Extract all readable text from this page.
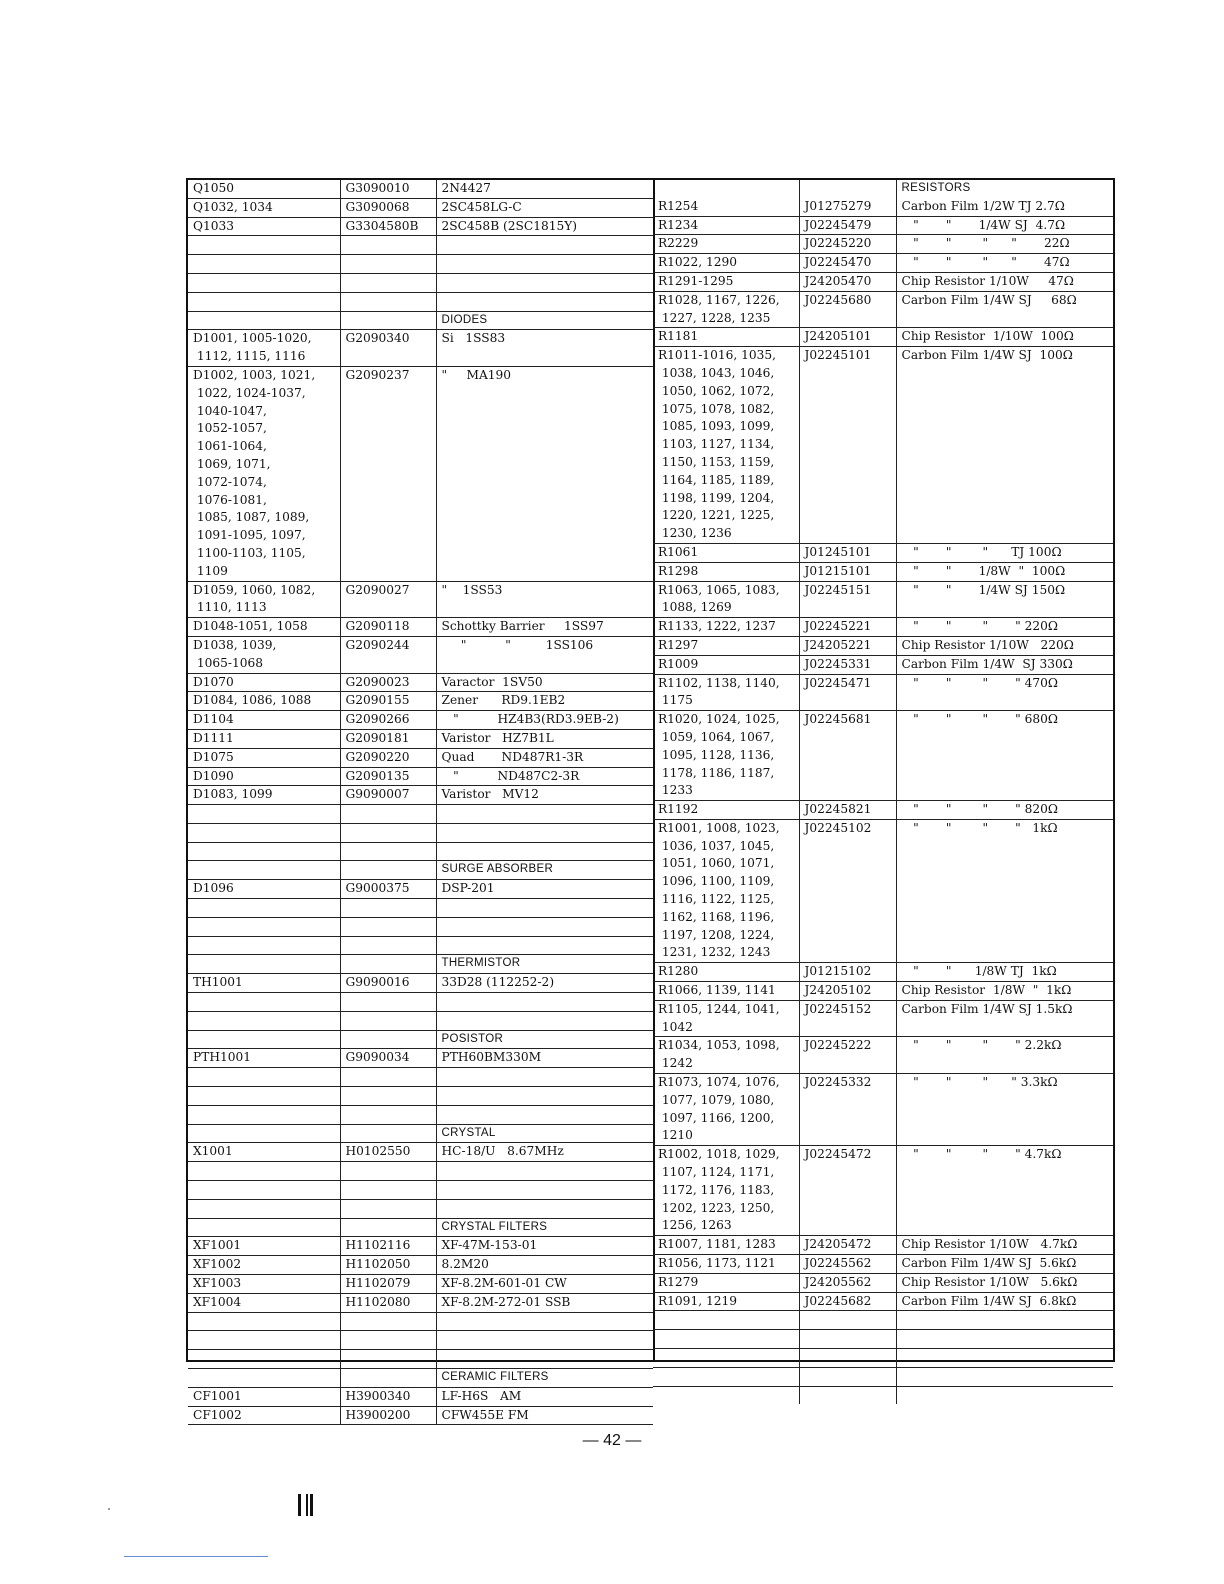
Q1050	G3090010	2N4427
Q1032, 1034	G3090068	2SC458LG-C
Q1033	G3304580B	2SC458B (2SC1815Y)

		DIODES
D1001, 1005-1020,	G2090340	Si   1SS83
1112, 1115, 1116		
D1002, 1003, 1021,	G2090237	"     MA190
1022, 1024-1037,		
1040-1047,		
1052-1057,		
1061-1064,		
1069, 1071,		
1072-1074,		
1076-1081,		
1085, 1087, 1089,		
1091-1095, 1097,		
1100-1103, 1105,		
1109		
D1059, 1060, 1082,	G2090027	"    1SS53
1110, 1113		
D1048-1051, 1058	G2090118	Schottky Barrier     1SS97
D1038, 1039,	G2090244	"          "         1SS106
1065-1068		
D1070	G2090023	Varactor  1SV50
D1084, 1086, 1088	G2090155	Zener      RD9.1EB2
D1104	G2090266	"          HZ4B3(RD3.9EB-2)
D1111	G2090181	Varistor   HZ7B1L
D1075	G2090220	Quad       ND487R1-3R
D1090	G2090135	"          ND487C2-3R
D1083, 1099	G9090007	Varistor   MV12

		SURGE ABSORBER
D1096	G9000375	DSP-201

		THERMISTOR
TH1001	G9090016	33D28 (112252-2)

		POSISTOR
PTH1001	G9090034	PTH60BM330M

		CRYSTAL
X1001	H0102550	HC-18/U   8.67MHz

		CRYSTAL FILTERS
XF1001	H1102116	XF-47M-153-01
XF1002	H1102050	8.2M20
XF1003	H1102079	XF-8.2M-601-01 CW
XF1004	H1102080	XF-8.2M-272-01 SSB

		CERAMIC FILTERS
CF1001	H3900340	LF-H6S   AM
CF1002	H3900200	CFW455E FM
		RESISTORS
R1254	J01275279	Carbon Film 1/2W TJ 2.7Ω
R1234	J02245479	"       "       1/4W SJ  4.7Ω
R2229	J02245220	"       "        "      "       22Ω
R1022, 1290	J02245470	"       "        "      "       47Ω
R1291-1295	J24205470	Chip Resistor 1/10W     47Ω
R1028, 1167, 1226,	J02245680	Carbon Film 1/4W SJ     68Ω
1227, 1228, 1235		
R1181	J24205101	Chip Resistor  1/10W  100Ω
R1011-1016, 1035,	J02245101	Carbon Film 1/4W SJ  100Ω
1038, 1043, 1046,		
1050, 1062, 1072,		
1075, 1078, 1082,		
1085, 1093, 1099,		
1103, 1127, 1134,		
1150, 1153, 1159,		
1164, 1185, 1189,		
1198, 1199, 1204,		
1220, 1221, 1225,		
1230, 1236		
R1061	J01245101	"       "        "      TJ 100Ω
R1298	J01215101	"       "       1/8W  "  100Ω
R1063, 1065, 1083,	J02245151	"       "       1/4W SJ 150Ω
1088, 1269		
R1133, 1222, 1237	J02245221	"       "        "       " 220Ω
R1297	J24205221	Chip Resistor 1/10W   220Ω
R1009	J02245331	Carbon Film 1/4W  SJ 330Ω
R1102, 1138, 1140,	J02245471	"       "        "       " 470Ω
1175		
R1020, 1024, 1025,	J02245681	"       "        "       " 680Ω
1059, 1064, 1067,		
1095, 1128, 1136,		
1178, 1186, 1187,		
1233		
R1192	J02245821	"       "        "       " 820Ω
R1001, 1008, 1023,	J02245102	"       "        "       "   1kΩ
1036, 1037, 1045,		
1051, 1060, 1071,		
1096, 1100, 1109,		
1116, 1122, 1125,		
1162, 1168, 1196,		
1197, 1208, 1224,		
1231, 1232, 1243		
R1280	J01215102	"       "      1/8W TJ  1kΩ
R1066, 1139, 1141	J24205102	Chip Resistor  1/8W  "  1kΩ
R1105, 1244, 1041,	J02245152	Carbon Film 1/4W SJ 1.5kΩ
1042		
R1034, 1053, 1098,	J02245222	"       "        "       " 2.2kΩ
1242		
R1073, 1074, 1076,	J02245332	"       "        "      " 3.3kΩ
1077, 1079, 1080,		
1097, 1166, 1200,		
1210		
R1002, 1018, 1029,	J02245472	"       "        "       " 4.7kΩ
1107, 1124, 1171,		
1172, 1176, 1183,		
1202, 1223, 1250,		
1256, 1263		
R1007, 1181, 1283	J24205472	Chip Resistor 1/10W   4.7kΩ
R1056, 1173, 1121	J02245562	Carbon Film 1/4W SJ  5.6kΩ
R1279	J24205562	Chip Resistor 1/10W   5.6kΩ
R1091, 1219	J02245682	Carbon Film 1/4W SJ  6.8kΩ

— 42 —
